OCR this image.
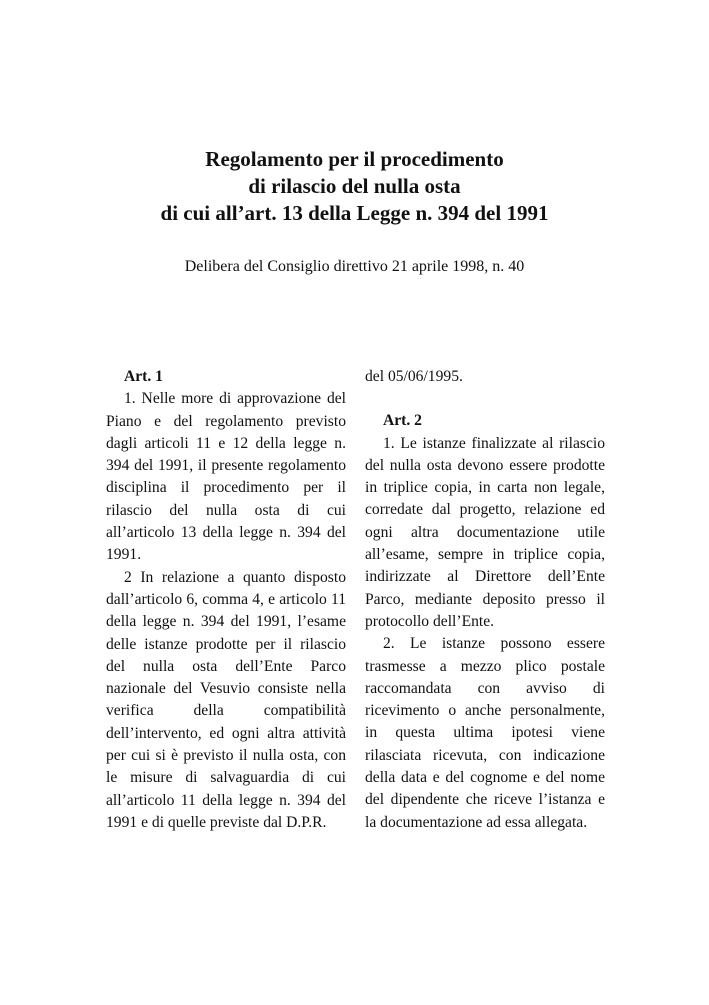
Regolamento per il procedimento
di rilascio del nulla osta
di cui all’art. 13 della Legge n. 394 del 1991
Delibera del Consiglio direttivo 21 aprile 1998, n. 40
Art. 1

1. Nelle more di approvazione del Piano e del regolamento previsto dagli articoli 11 e 12 della legge n. 394 del 1991, il presente regolamento disciplina il procedimento per il rilascio del nulla osta di cui all’articolo 13 della legge n. 394 del 1991.

2 In relazione a quanto disposto dall’articolo 6, comma 4, e articolo 11 della legge n. 394 del 1991, l’esame delle istanze prodotte per il rilascio del nulla osta dell’Ente Parco nazionale del Vesuvio consiste nella verifica della compatibilità dell’intervento, ed ogni altra attività per cui si è previsto il nulla osta, con le misure di salvaguardia di cui all’articolo 11 della legge n. 394 del 1991 e di quelle previste dal D.P.R.

del 05/06/1995.

Art. 2

1. Le istanze finalizzate al rilascio del nulla osta devono essere prodotte in triplice copia, in carta non legale, corredate dal progetto, relazione ed ogni altra documentazione utile all’esame, sempre in triplice copia, indirizzate al Direttore dell’Ente Parco, mediante deposito presso il protocollo dell’Ente.

2. Le istanze possono essere trasmesse a mezzo plico postale raccomandata con avviso di ricevimento o anche personalmente, in questa ultima ipotesi viene rilasciata ricevuta, con indicazione della data e del cognome e del nome del dipendente che riceve l’istanza e la documentazione ad essa allegata.
